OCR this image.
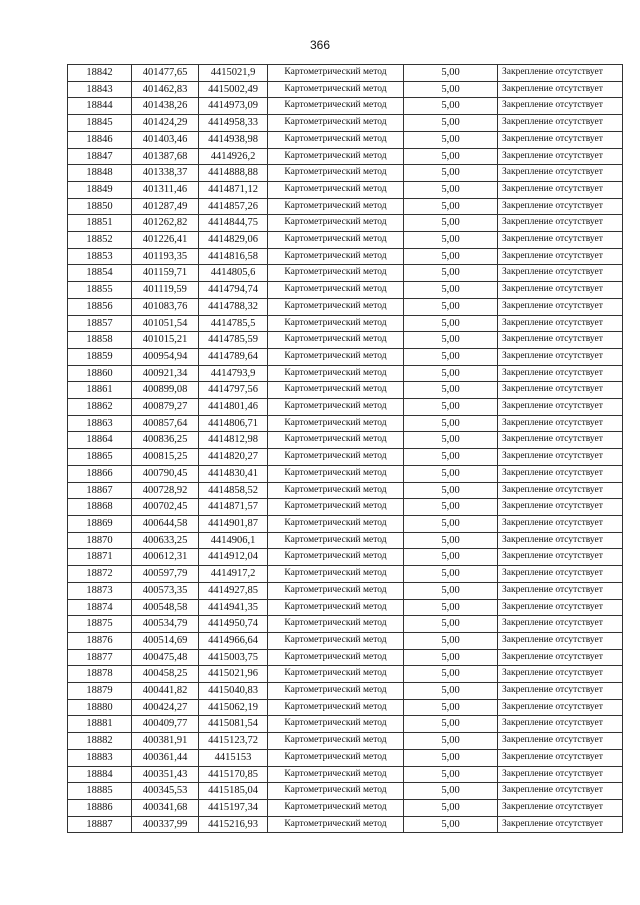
366
18842	401477,65	4415021,9	Картометрический метод	5,00	Закрепление отсутствует
18843	401462,83	4415002,49	Картометрический метод	5,00	Закрепление отсутствует
18844	401438,26	4414973,09	Картометрический метод	5,00	Закрепление отсутствует
18845	401424,29	4414958,33	Картометрический метод	5,00	Закрепление отсутствует
18846	401403,46	4414938,98	Картометрический метод	5,00	Закрепление отсутствует
18847	401387,68	4414926,2	Картометрический метод	5,00	Закрепление отсутствует
18848	401338,37	4414888,88	Картометрический метод	5,00	Закрепление отсутствует
18849	401311,46	4414871,12	Картометрический метод	5,00	Закрепление отсутствует
18850	401287,49	4414857,26	Картометрический метод	5,00	Закрепление отсутствует
18851	401262,82	4414844,75	Картометрический метод	5,00	Закрепление отсутствует
18852	401226,41	4414829,06	Картометрический метод	5,00	Закрепление отсутствует
18853	401193,35	4414816,58	Картометрический метод	5,00	Закрепление отсутствует
18854	401159,71	4414805,6	Картометрический метод	5,00	Закрепление отсутствует
18855	401119,59	4414794,74	Картометрический метод	5,00	Закрепление отсутствует
18856	401083,76	4414788,32	Картометрический метод	5,00	Закрепление отсутствует
18857	401051,54	4414785,5	Картометрический метод	5,00	Закрепление отсутствует
18858	401015,21	4414785,59	Картометрический метод	5,00	Закрепление отсутствует
18859	400954,94	4414789,64	Картометрический метод	5,00	Закрепление отсутствует
18860	400921,34	4414793,9	Картометрический метод	5,00	Закрепление отсутствует
18861	400899,08	4414797,56	Картометрический метод	5,00	Закрепление отсутствует
18862	400879,27	4414801,46	Картометрический метод	5,00	Закрепление отсутствует
18863	400857,64	4414806,71	Картометрический метод	5,00	Закрепление отсутствует
18864	400836,25	4414812,98	Картометрический метод	5,00	Закрепление отсутствует
18865	400815,25	4414820,27	Картометрический метод	5,00	Закрепление отсутствует
18866	400790,45	4414830,41	Картометрический метод	5,00	Закрепление отсутствует
18867	400728,92	4414858,52	Картометрический метод	5,00	Закрепление отсутствует
18868	400702,45	4414871,57	Картометрический метод	5,00	Закрепление отсутствует
18869	400644,58	4414901,87	Картометрический метод	5,00	Закрепление отсутствует
18870	400633,25	4414906,1	Картометрический метод	5,00	Закрепление отсутствует
18871	400612,31	4414912,04	Картометрический метод	5,00	Закрепление отсутствует
18872	400597,79	4414917,2	Картометрический метод	5,00	Закрепление отсутствует
18873	400573,35	4414927,85	Картометрический метод	5,00	Закрепление отсутствует
18874	400548,58	4414941,35	Картометрический метод	5,00	Закрепление отсутствует
18875	400534,79	4414950,74	Картометрический метод	5,00	Закрепление отсутствует
18876	400514,69	4414966,64	Картометрический метод	5,00	Закрепление отсутствует
18877	400475,48	4415003,75	Картометрический метод	5,00	Закрепление отсутствует
18878	400458,25	4415021,96	Картометрический метод	5,00	Закрепление отсутствует
18879	400441,82	4415040,83	Картометрический метод	5,00	Закрепление отсутствует
18880	400424,27	4415062,19	Картометрический метод	5,00	Закрепление отсутствует
18881	400409,77	4415081,54	Картометрический метод	5,00	Закрепление отсутствует
18882	400381,91	4415123,72	Картометрический метод	5,00	Закрепление отсутствует
18883	400361,44	4415153	Картометрический метод	5,00	Закрепление отсутствует
18884	400351,43	4415170,85	Картометрический метод	5,00	Закрепление отсутствует
18885	400345,53	4415185,04	Картометрический метод	5,00	Закрепление отсутствует
18886	400341,68	4415197,34	Картометрический метод	5,00	Закрепление отсутствует
18887	400337,99	4415216,93	Картометрический метод	5,00	Закрепление отсутствует
